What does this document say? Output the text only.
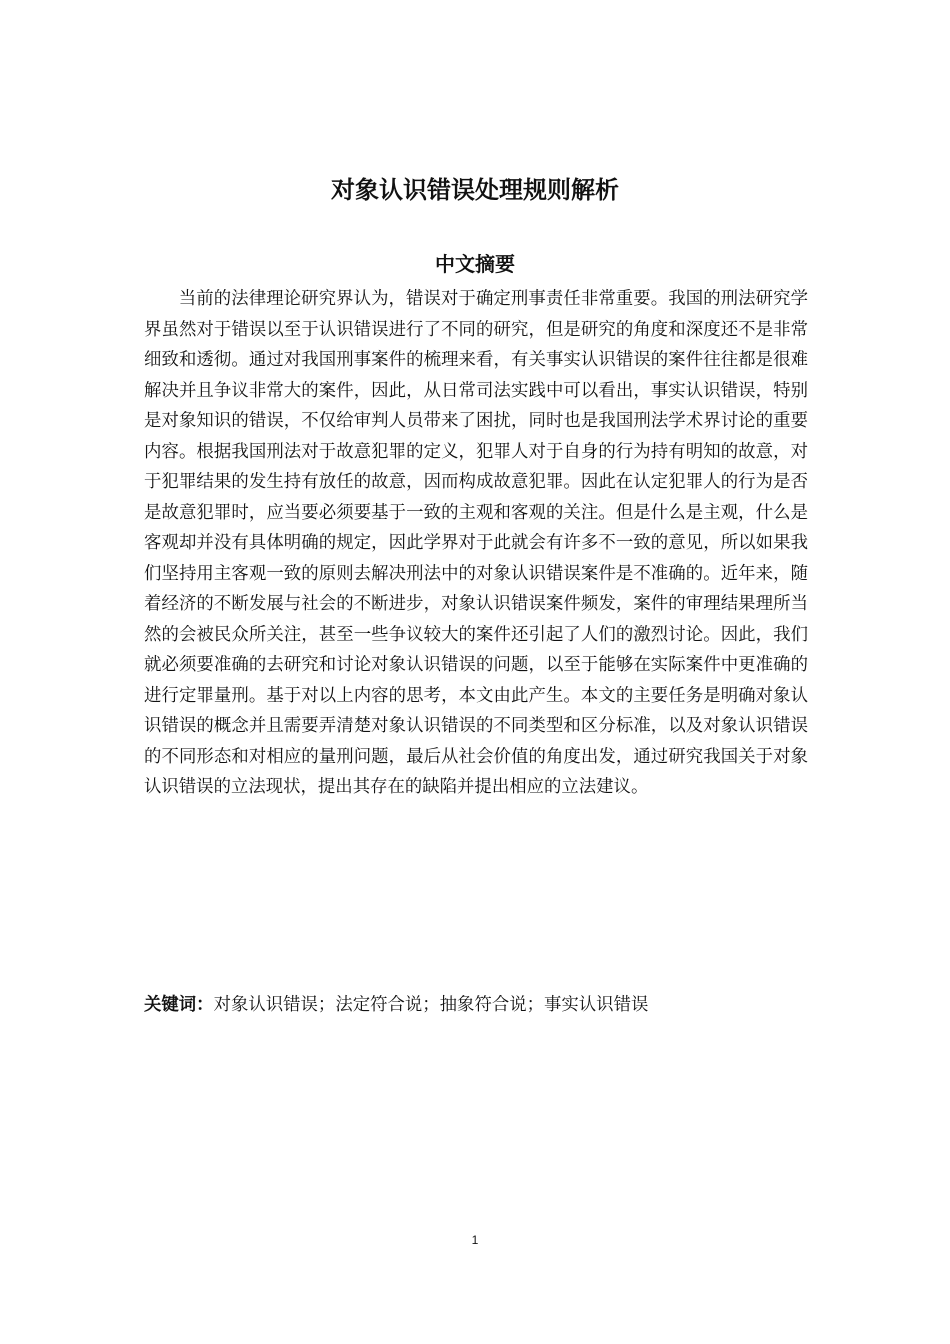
对象认识错误处理规则解析
中文摘要

当前的法律理论研究界认为，错误对于确定刑事责任非常重要。我国的刑法研究学界虽然对于错误以至于认识错误进行了不同的研究，但是研究的角度和深度还不是非常细致和透彻。通过对我国刑事案件的梳理来看，有关事实认识错误的案件往往都是很难解决并且争议非常大的案件，因此，从日常司法实践中可以看出，事实认识错误，特别是对象知识的错误，不仅给审判人员带来了困扰，同时也是我国刑法学术界讨论的重要内容。根据我国刑法对于故意犯罪的定义，犯罪人对于自身的行为持有明知的故意，对于犯罪结果的发生持有放任的故意，因而构成故意犯罪。因此在认定犯罪人的行为是否是故意犯罪时，应当要必须要基于一致的主观和客观的关注。但是什么是主观，什么是客观却并没有具体明确的规定，因此学界对于此就会有许多不一致的意见，所以如果我们坚持用主客观一致的原则去解决刑法中的对象认识错误案件是不准确的。近年来，随着经济的不断发展与社会的不断进步，对象认识错误案件频发，案件的审理结果理所当然的会被民众所关注，甚至一些争议较大的案件还引起了人们的激烈讨论。因此，我们就必须要准确的去研究和讨论对象认识错误的问题，以至于能够在实际案件中更准确的进行定罪量刑。基于对以上内容的思考，本文由此产生。本文的主要任务是明确对象认识错误的概念并且需要弄清楚对象认识错误的不同类型和区分标准，以及对象认识错误的不同形态和对相应的量刑问题，最后从社会价值的角度出发，通过研究我国关于对象认识错误的立法现状，提出其存在的缺陷并提出相应的立法建议。

关键词：对象认识错误；法定符合说；抽象符合说；事实认识错误

1
